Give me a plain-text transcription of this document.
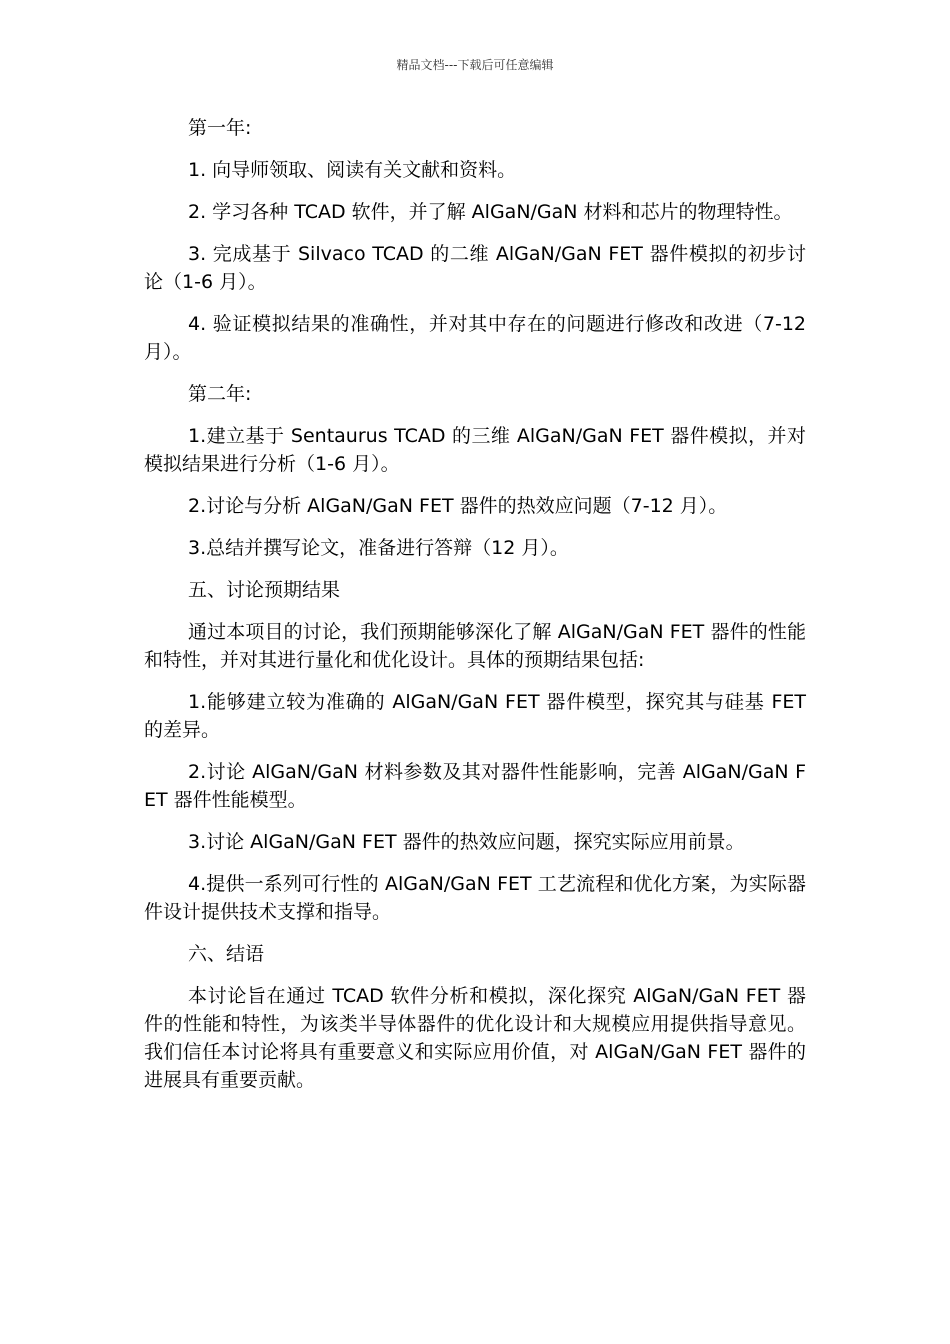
精品文档---下载后可任意编辑

第一年:

1. 向导师领取、阅读有关文献和资料。

2. 学习各种 TCAD 软件，并了解 AlGaN/GaN 材料和芯片的物理特性。

3. 完成基于 Silvaco TCAD 的二维 AlGaN/GaN FET 器件模拟的初步讨论（1-6 月）。

4. 验证模拟结果的准确性，并对其中存在的问题进行修改和改进（7-12 月）。

第二年:

1.建立基于 Sentaurus TCAD 的三维 AlGaN/GaN FET 器件模拟，并对模拟结果进行分析（1-6 月）。

2.讨论与分析 AlGaN/GaN FET 器件的热效应问题（7-12 月）。

3.总结并撰写论文，准备进行答辩（12 月）。

五、讨论预期结果

通过本项目的讨论，我们预期能够深化了解 AlGaN/GaN FET 器件的性能和特性，并对其进行量化和优化设计。具体的预期结果包括:

1.能够建立较为准确的 AlGaN/GaN FET 器件模型，探究其与硅基 FET 的差异。

2.讨论 AlGaN/GaN 材料参数及其对器件性能影响，完善 AlGaN/GaN FET 器件性能模型。

3.讨论 AlGaN/GaN FET 器件的热效应问题，探究实际应用前景。

4.提供一系列可行性的 AlGaN/GaN FET 工艺流程和优化方案，为实际器件设计提供技术支撑和指导。

六、结语

本讨论旨在通过 TCAD 软件分析和模拟，深化探究 AlGaN/GaN FET 器件的性能和特性，为该类半导体器件的优化设计和大规模应用提供指导意见。我们信任本讨论将具有重要意义和实际应用价值，对 AlGaN/GaN FET 器件的进展具有重要贡献。
